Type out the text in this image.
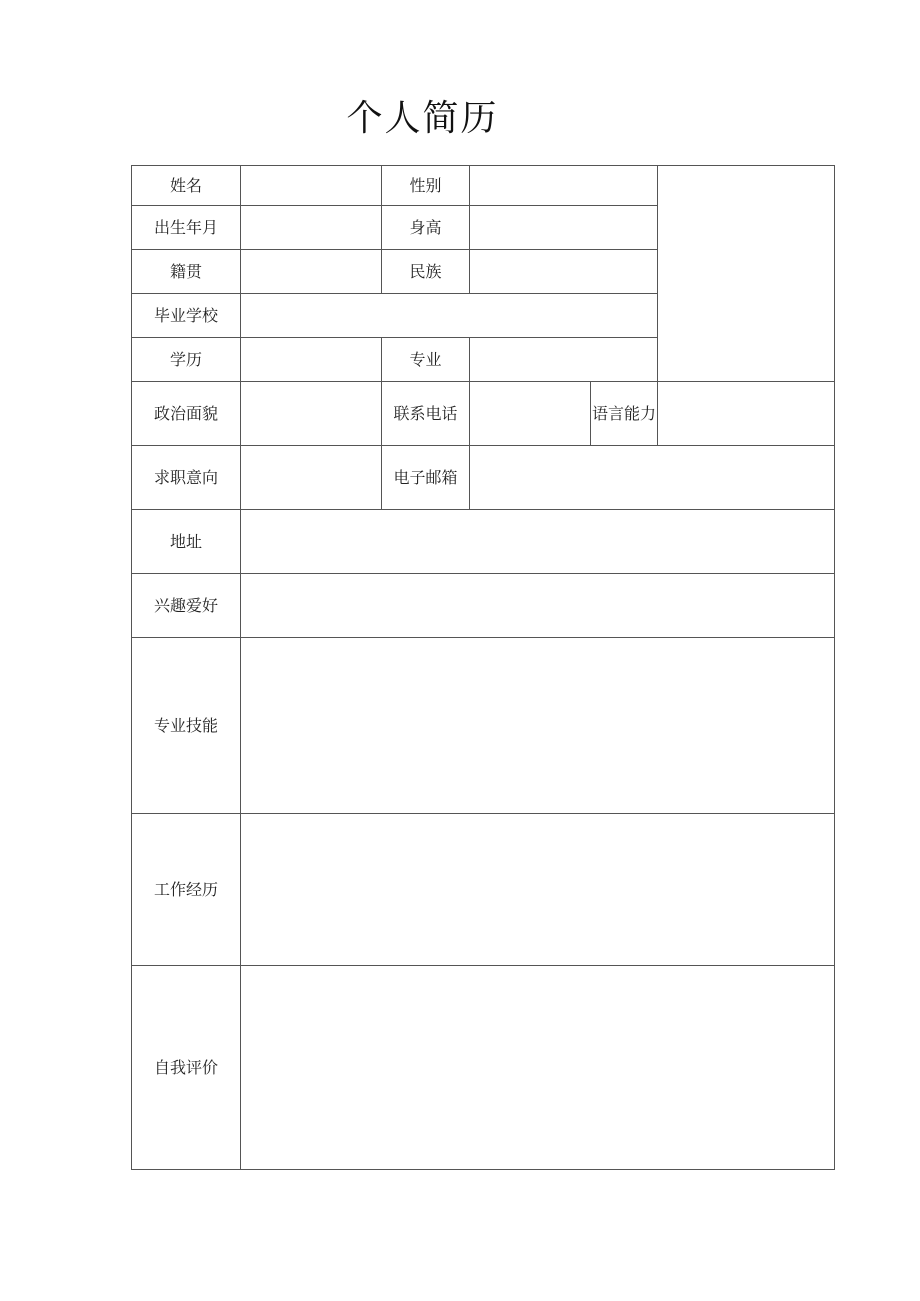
个人简历
姓名		性别			
出生年月		身高			
籍贯		民族			
毕业学校					
学历		专业			
政治面貌		联系电话		语言能力	
求职意向		电子邮箱			
地址					
兴趣爱好					
专业技能					
工作经历					
自我评价					
